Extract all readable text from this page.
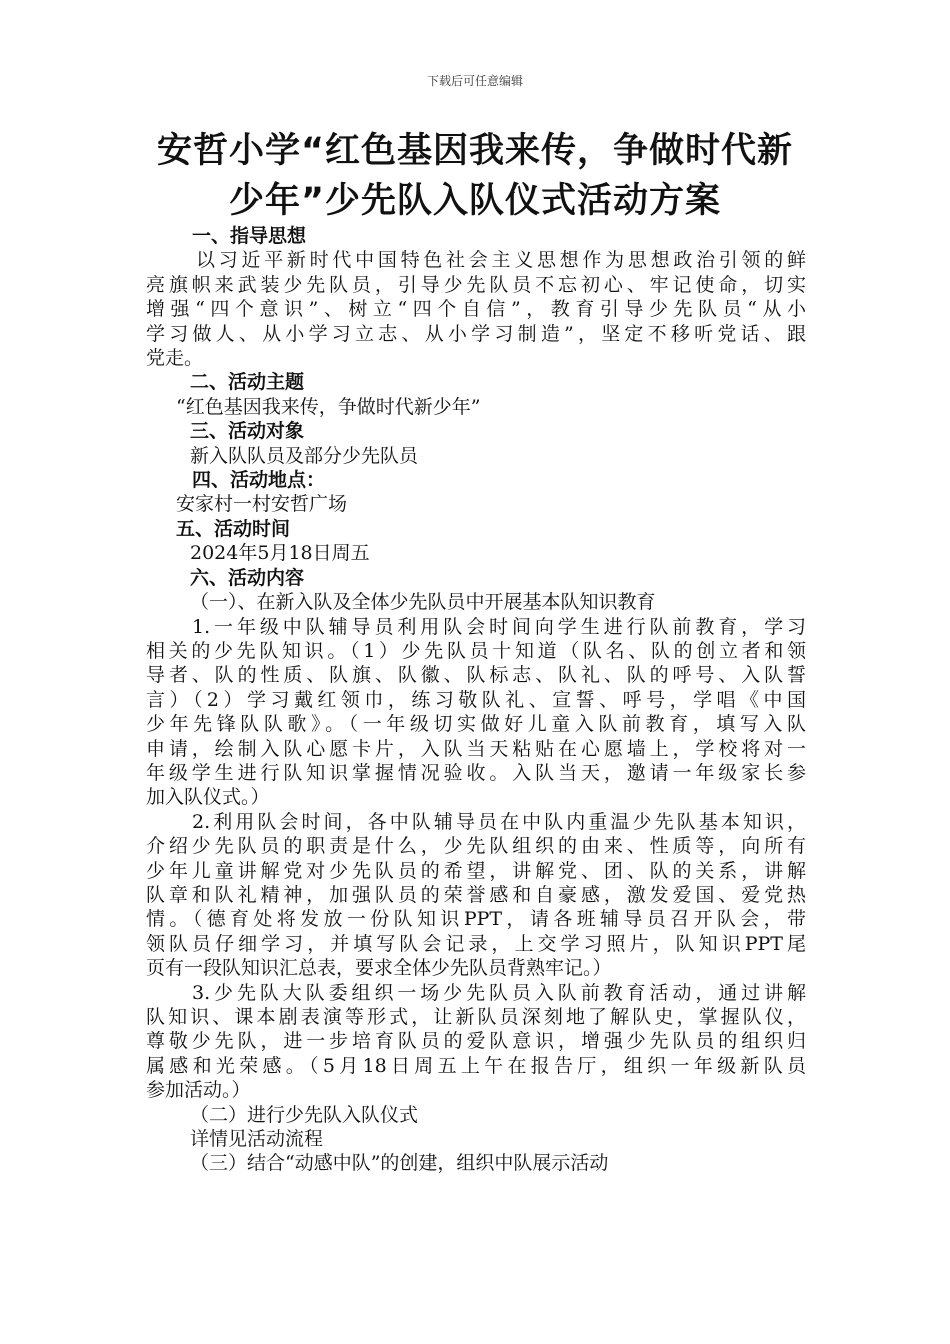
下载后可任意编辑
安哲小学“红色基因我来传，争做时代新
少年”少先队入队仪式活动方案

一、指导思想

以习近平新时代中国特色社会主义思想作为思想政治引领的鲜

亮旗帜来武装少先队员，引导少先队员不忘初心、牢记使命，切实

增强“四个意识”、树立“四个自信”，教育引导少先队员“从小

学习做人、从小学习立志、从小学习制造”，坚定不移听党话、跟

党走。

二、活动主题

“红色基因我来传，争做时代新少年”

三、活动对象

新入队队员及部分少先队员

四、活动地点：

安家村一村安哲广场

五、活动时间

2024年5月18日周五

六、活动内容

（一）、在新入队及全体少先队员中开展基本队知识教育

1.一年级中队辅导员利用队会时间向学生进行队前教育，学习

相关的少先队知识。（1）少先队员十知道（队名、队的创立者和领

导者、队的性质、队旗、队徽、队标志、队礼、队的呼号、入队誓

言）（2）学习戴红领巾，练习敬队礼、宣誓、呼号，学唱《中国

少年先锋队队歌》。（一年级切实做好儿童入队前教育，填写入队

申请，绘制入队心愿卡片，入队当天粘贴在心愿墙上，学校将对一

年级学生进行队知识掌握情况验收。入队当天，邀请一年级家长参

加入队仪式。）

2.利用队会时间，各中队辅导员在中队内重温少先队基本知识，

介绍少先队员的职责是什么，少先队组织的由来、性质等，向所有

少年儿童讲解党对少先队员的希望，讲解党、团、队的关系，讲解

队章和队礼精神，加强队员的荣誉感和自豪感，激发爱国、爱党热

情。（德育处将发放一份队知识PPT，请各班辅导员召开队会，带

领队员仔细学习，并填写队会记录，上交学习照片，队知识PPT尾

页有一段队知识汇总表，要求全体少先队员背熟牢记。）

3.少先队大队委组织一场少先队员入队前教育活动，通过讲解

队知识、课本剧表演等形式，让新队员深刻地了解队史，掌握队仪，

尊敬少先队，进一步培育队员的爱队意识，增强少先队员的组织归

属感和光荣感。（5月18日周五上午在报告厅，组织一年级新队员

参加活动。）

（二）进行少先队入队仪式

详情见活动流程

（三）结合“动感中队”的创建，组织中队展示活动
